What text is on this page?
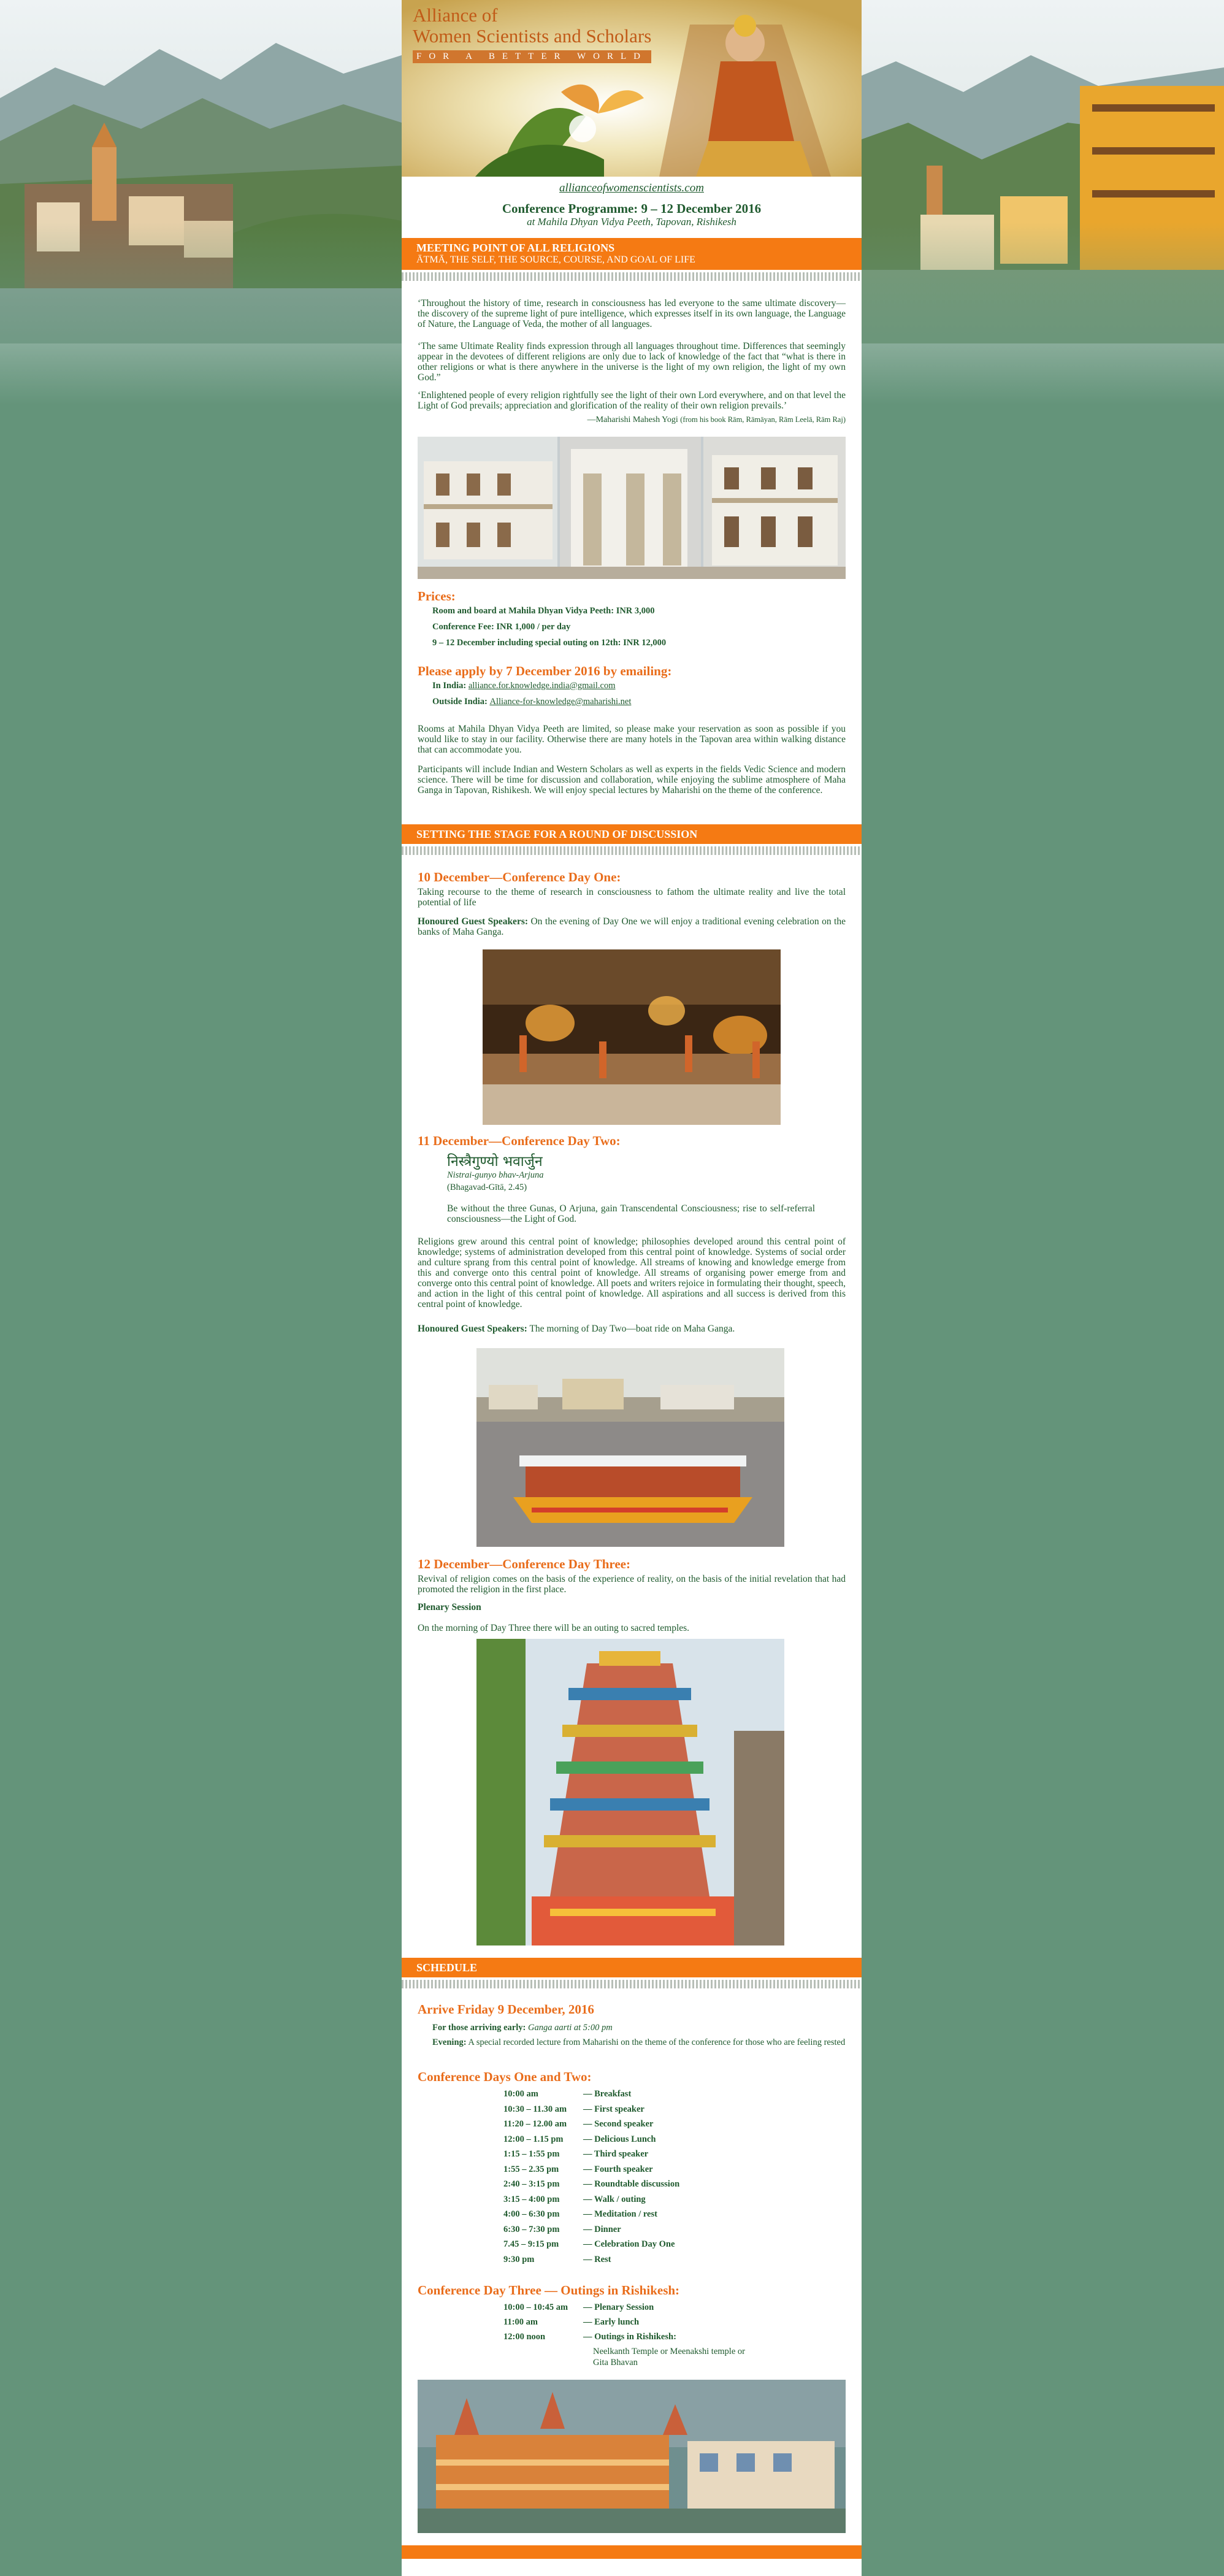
Alliance of
Women Scientists and Scholars
FOR A BETTER WORLD
allianceofwomenscientists.com
Conference Programme: 9 – 12 December 2016
at Mahila Dhyan Vidya Peeth, Tapovan, Rishikesh
MEETING POINT OF ALL RELIGIONS
ĀTMĀ, THE SELF, THE SOURCE, COURSE, AND GOAL OF LIFE
‘Throughout the history of time, research in consciousness has led everyone to the same ultimate discovery—the discovery of the supreme light of pure intelligence, which expresses itself in its own language, the Language of Nature, the Language of Veda, the mother of all languages.
‘The same Ultimate Reality finds expression through all languages throughout time. Differences that seemingly appear in the devotees of different religions are only due to lack of knowledge of the fact that “what is there in other religions or what is there anywhere in the universe is the light of my own religion, the light of my own God.”
‘Enlightened people of every religion rightfully see the light of their own Lord everywhere, and on that level the Light of God prevails; appreciation and glorification of the reality of their own religion prevails.’
—Maharishi Mahesh Yogi (from his book Rām, Rāmāyan, Rām Leelā, Rām Raj)
Prices:
Room and board at Mahila Dhyan Vidya Peeth: INR 3,000
Conference Fee: INR 1,000 / per day
9 – 12 December including special outing on 12th: INR 12,000
Please apply by 7 December 2016 by emailing:
In India: alliance.for.knowledge.india@gmail.com
Outside India: Alliance-for-knowledge@maharishi.net
Rooms at Mahila Dhyan Vidya Peeth are limited, so please make your reservation as soon as possible if you would like to stay in our facility. Otherwise there are many hotels in the Tapovan area within walking distance that can accommodate you.
Participants will include Indian and Western Scholars as well as experts in the fields Vedic Science and modern science. There will be time for discussion and collaboration, while enjoying the sublime atmosphere of Maha Ganga in Tapovan, Rishikesh. We will enjoy special lectures by Maharishi on the theme of the conference.
SETTING THE STAGE FOR A ROUND OF DISCUSSION
10 December—Conference Day One:
Taking recourse to the theme of research in consciousness to fathom the ultimate reality and live the total potential of life
Honoured Guest Speakers: On the evening of Day One we will enjoy a traditional evening celebration on the banks of Maha Ganga.
11 December—Conference Day Two:
निस्त्रैगुण्यो भवार्जुन
Nistrai-gunyo bhav-Arjuna
(Bhagavad-Gītā, 2.45)
Be without the three Gunas, O Arjuna, gain Transcendental Consciousness; rise to self-referral consciousness—the Light of God.
Religions grew around this central point of knowledge; philosophies developed around this central point of knowledge; systems of administration developed from this central point of knowledge. Systems of social order and culture sprang from this central point of knowledge. All streams of knowing and knowledge emerge from this and converge onto this central point of knowledge. All streams of organising power emerge from and converge onto this central point of knowledge. All poets and writers rejoice in formulating their thought, speech, and action in the light of this central point of knowledge. All aspirations and all success is derived from this central point of knowledge.
Honoured Guest Speakers: The morning of Day Two—boat ride on Maha Ganga.
12 December—Conference Day Three:
Revival of religion comes on the basis of the experience of reality, on the basis of the initial revelation that had promoted the religion in the first place.
Plenary Session
On the morning of Day Three there will be an outing to sacred temples.
SCHEDULE
Arrive Friday 9 December, 2016
For those arriving early: Ganga aarti at 5:00 pm
Evening: A special recorded lecture from Maharishi on the theme of the conference for those who are feeling rested
Conference Days One and Two:
10:00 am	— Breakfast
10:30 – 11.30 am — First speaker
11:20 – 12.00 am — Second speaker
12:00 – 1.15 pm — Delicious Lunch
1:15 – 1:55 pm	— Third speaker
1:55 – 2.35 pm	— Fourth speaker
2:40 – 3:15 pm	— Roundtable discussion
3:15 – 4:00 pm	— Walk / outing
4:00 – 6:30 pm	— Meditation / rest
6:30 – 7:30 pm	— Dinner
7.45 – 9:15 pm	— Celebration Day One
9:30 pm	— Rest
Conference Day Three — Outings in Rishikesh:
10:00 – 10:45 am — Plenary Session
11:00 am	— Early lunch
12:00 noon	— Outings in Rishikesh:
Neelkanth Temple or Meenakshi temple or
Gita Bhavan
